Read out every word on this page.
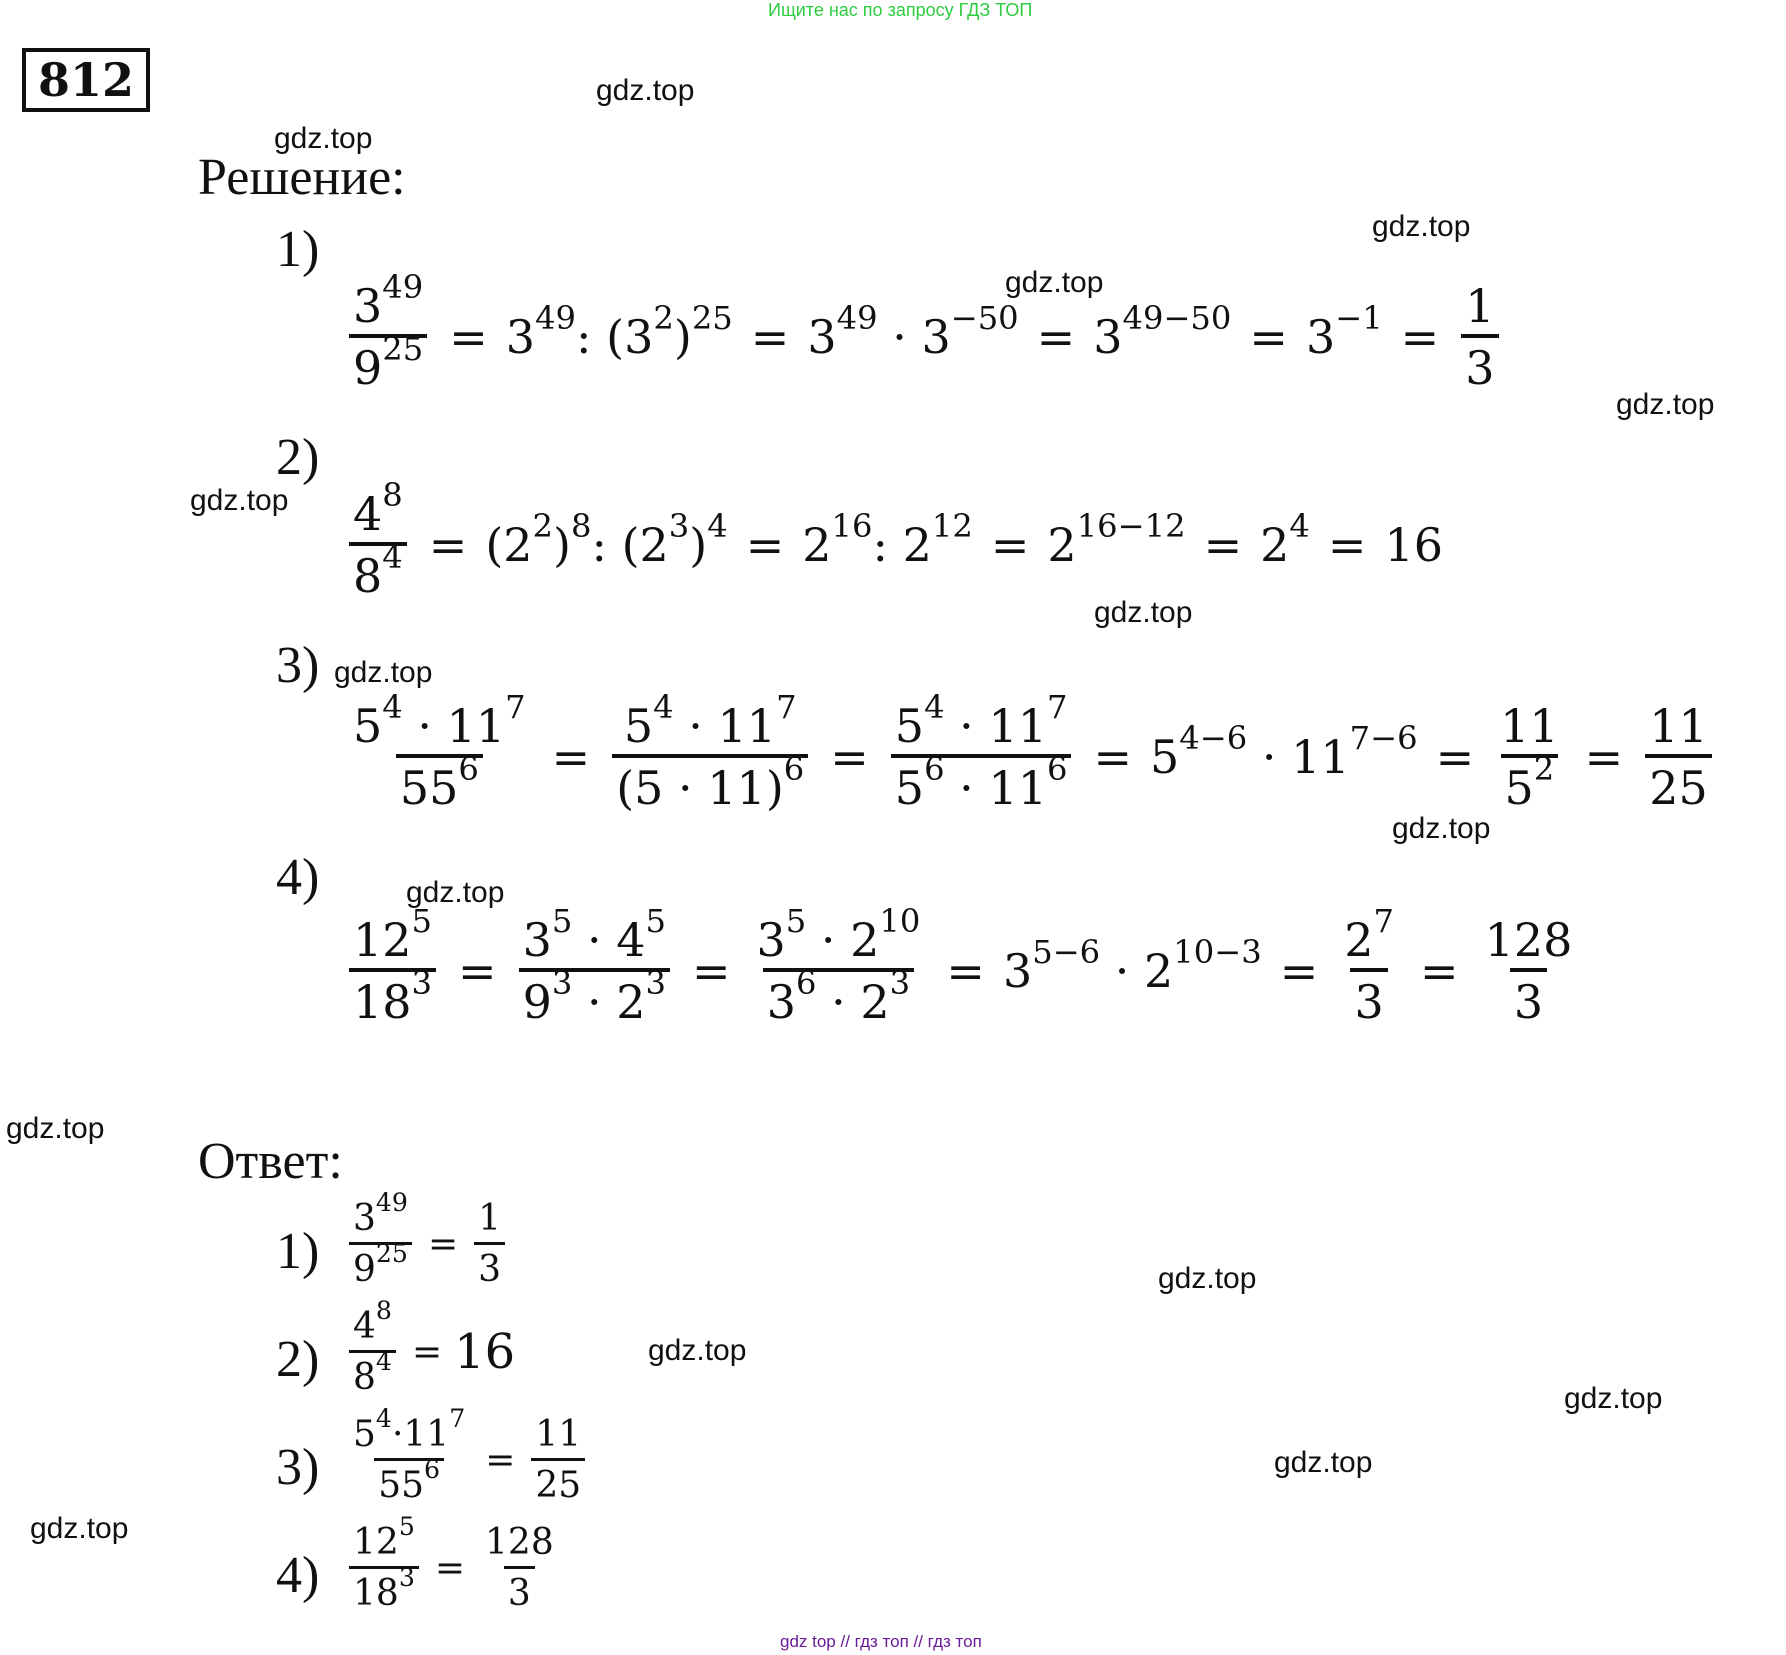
Ищите нас по запросу ГДЗ ТОП
812	gdz.top
gdz.top
gdz.top
gdz.top
gdz.top
gdz.top
gdz.top
gdz.top
gdz.top
gdz.top
gdz.top
gdz.top
gdz.top
gdz.top
gdz.top
gdz.top
Решение:
1)
$\frac{3^{49}}{9^{25}} = 3^{49}$: $(3^2)^{25} = 3^{49} \cdot 3^{-50} = 3^{49-50} = 3^{-1} = \frac{1}{3}$
2)
$\frac{4^8}{8^4} = (2^2)^8$: $(2^3)^4 = 2^{16}$: $2^{12} = 2^{16-12} = 2^4 = 16$
3)
$\frac{5^4 \cdot 11^7}{55^6} = \frac{5^4 \cdot 11^7}{(5 \cdot 11)^6} = \frac{5^4 \cdot 11^7}{5^6 \cdot 11^6} = 5^{4-6} \cdot 11^{7-6} = \frac{11}{5^2} = \frac{11}{25}$
4)
$\frac{12^5}{18^3} = \frac{3^5 \cdot 4^5}{9^3 \cdot 2^3} = \frac{3^5 \cdot 2^{10}}{3^6 \cdot 2^3} = 3^{5-6} \cdot 2^{10-3} = \frac{2^7}{3} = \frac{128}{3}$
Ответ:
$1) \frac{3^{49}}{9^{25}} = \frac{1}{3}$
$2) \frac{4^8}{8^4} = 16$
$3) \frac{5^4\cdot 11^7}{55^6} = \frac{11}{25}$
$4) \frac{12^5}{18^3} = \frac{128}{3}$
gdz top // гдз топ // гдз топ
